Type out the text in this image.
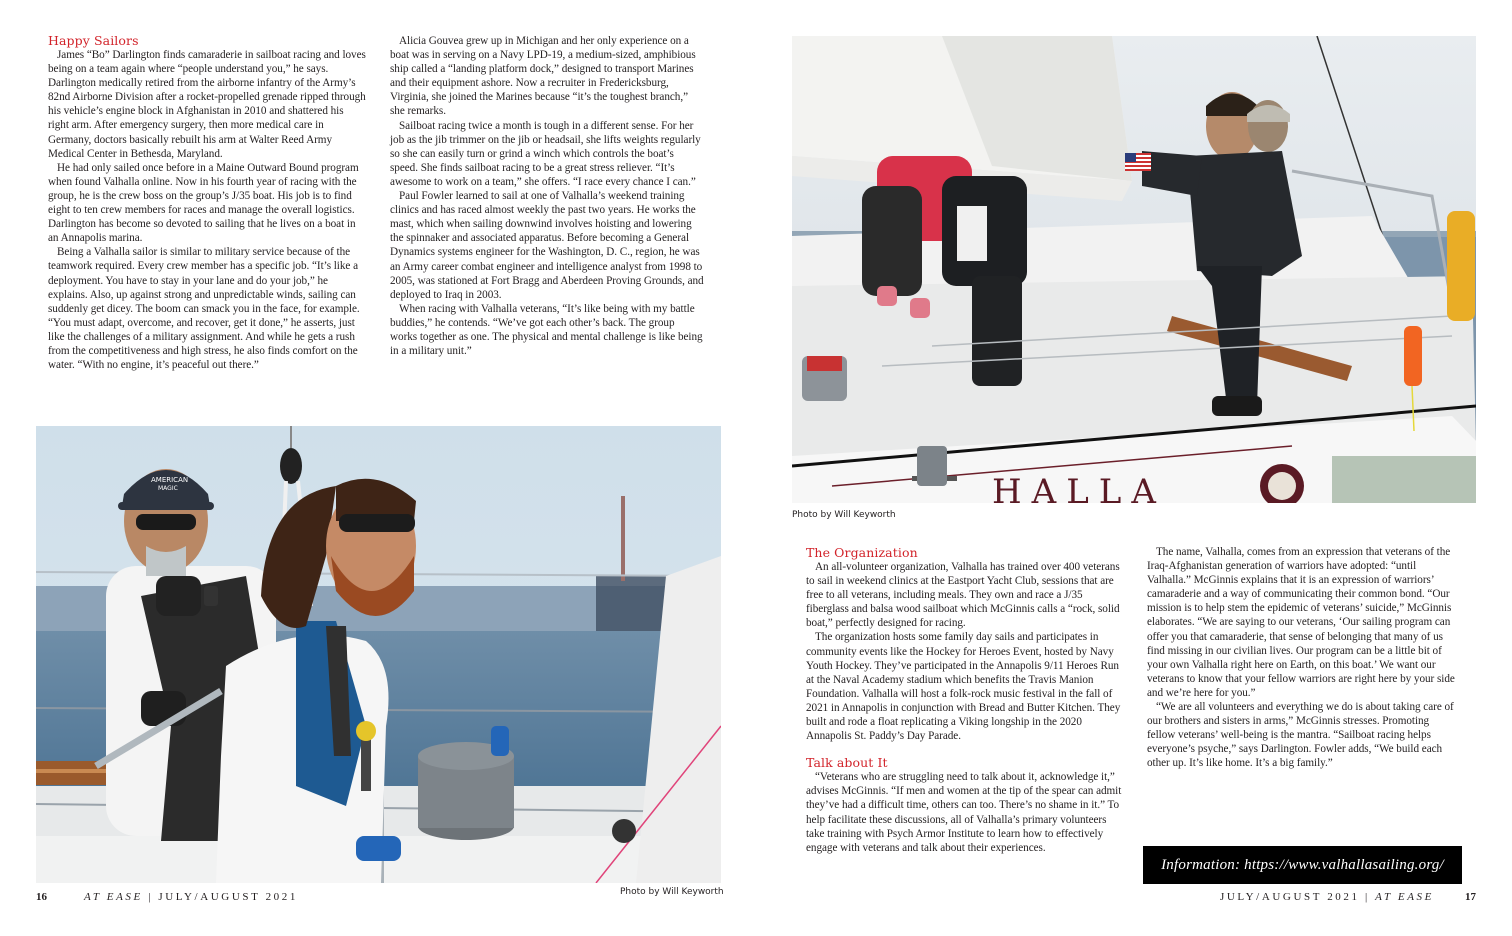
Happy Sailors

James “Bo” Darlington finds camaraderie in sailboat racing and loves being on a team again where “people understand you,” he says. Darlington medically retired from the airborne infantry of the Army’s 82nd Airborne Division after a rocket-propelled grenade ripped through his vehicle’s engine block in Afghanistan in 2010 and shattered his right arm. After emergency surgery, then more medical care in Germany, doctors basically rebuilt his arm at Walter Reed Army Medical Center in Bethesda, Maryland.

He had only sailed once before in a Maine Outward Bound program when found Valhalla online. Now in his fourth year of racing with the group, he is the crew boss on the group’s J/35 boat. His job is to find eight to ten crew members for races and manage the overall logistics. Darlington has become so devoted to sailing that he lives on a boat in an Annapolis marina.

Being a Valhalla sailor is similar to military service because of the teamwork required. Every crew member has a specific job. “It’s like a deployment. You have to stay in your lane and do your job,” he explains. Also, up against strong and unpredictable winds, sailing can suddenly get dicey. The boom can smack you in the face, for example. “You must adapt, overcome, and recover, get it done,” he asserts, just like the challenges of a military assignment. And while he gets a rush from the competitiveness and high stress, he also finds comfort on the water. “With no engine, it’s peaceful out there.”

Alicia Gouvea grew up in Michigan and her only experience on a boat was in serving on a Navy LPD-19, a medium-sized, amphibious ship called a “landing platform dock,” designed to transport Marines and their equipment ashore. Now a recruiter in Fredericksburg, Virginia, she joined the Marines because “it’s the toughest branch,” she remarks.

Sailboat racing twice a month is tough in a different sense. For her job as the jib trimmer on the jib or headsail, she lifts weights regularly so she can easily turn or grind a winch which controls the boat’s speed. She finds sailboat racing to be a great stress reliever. “It’s awesome to work on a team,” she offers. “I race every chance I can.”

Paul Fowler learned to sail at one of Valhalla’s weekend training clinics and has raced almost weekly the past two years. He works the mast, which when sailing downwind involves hoisting and lowering the spinnaker and associated apparatus. Before becoming a General Dynamics systems engineer for the Washington, D. C., region, he was an Army career combat engineer and intelligence analyst from 1998 to 2005, was stationed at Fort Bragg and Aberdeen Proving Grounds, and deployed to Iraq in 2003.

When racing with Valhalla veterans, “It’s like being with my battle buddies,” he contends. “We’ve got each other’s back. The group works together as one. The physical and mental challenge is like being in a military unit.”

AMERICAN
MAGIC
Photo by Will Keyworth
HALLA
Photo by Will Keyworth
The Organization

An all-volunteer organization, Valhalla has trained over 400 veterans to sail in weekend clinics at the Eastport Yacht Club, sessions that are free to all veterans, including meals. They own and race a J/35 fiberglass and balsa wood sailboat which McGinnis calls a “rock, solid boat,” perfectly designed for racing.

The organization hosts some family day sails and participates in community events like the Hockey for Heroes Event, hosted by Navy Youth Hockey. They’ve participated in the Annapolis 9/11 Heroes Run at the Naval Academy stadium which benefits the Travis Manion Foundation. Valhalla will host a folk-rock music festival in the fall of 2021 in Annapolis in conjunction with Bread and Butter Kitchen. They built and rode a float replicating a Viking longship in the 2020 Annapolis St. Paddy’s Day Parade.

Talk about It

“Veterans who are struggling need to talk about it, acknowledge it,” advises McGinnis. “If men and women at the tip of the spear can admit they’ve had a difficult time, others can too. There’s no shame in it.” To help facilitate these discussions, all of Valhalla’s primary volunteers take training with Psych Armor Institute to learn how to effectively engage with veterans and talk about their experiences.

The name, Valhalla, comes from an expression that veterans of the Iraq-Afghanistan generation of warriors have adopted: “until Valhalla.” McGinnis explains that it is an expression of warriors’ camaraderie and a way of communicating their common bond. “Our mission is to help stem the epidemic of veterans’ suicide,” McGinnis elaborates. “We are saying to our veterans, ‘Our sailing program can offer you that camaraderie, that sense of belonging that many of us find missing in our civilian lives. Our program can be a little bit of your own Valhalla right here on Earth, on this boat.’ We want our veterans to know that your fellow warriors are right here by your side and we’re here for you.”

“We are all volunteers and everything we do is about taking care of our brothers and sisters in arms,” McGinnis stresses. Promoting fellow veterans’ well-being is the mantra. “Sailboat racing helps everyone’s psyche,” says Darlington. Fowler adds, “We build each other up. It’s like home. It’s a big family.”

Information: https://www.valhallasailing.org/
16	AT EASE | JULY/AUGUST 2021	JULY/AUGUST 2021 | AT EASE	17
